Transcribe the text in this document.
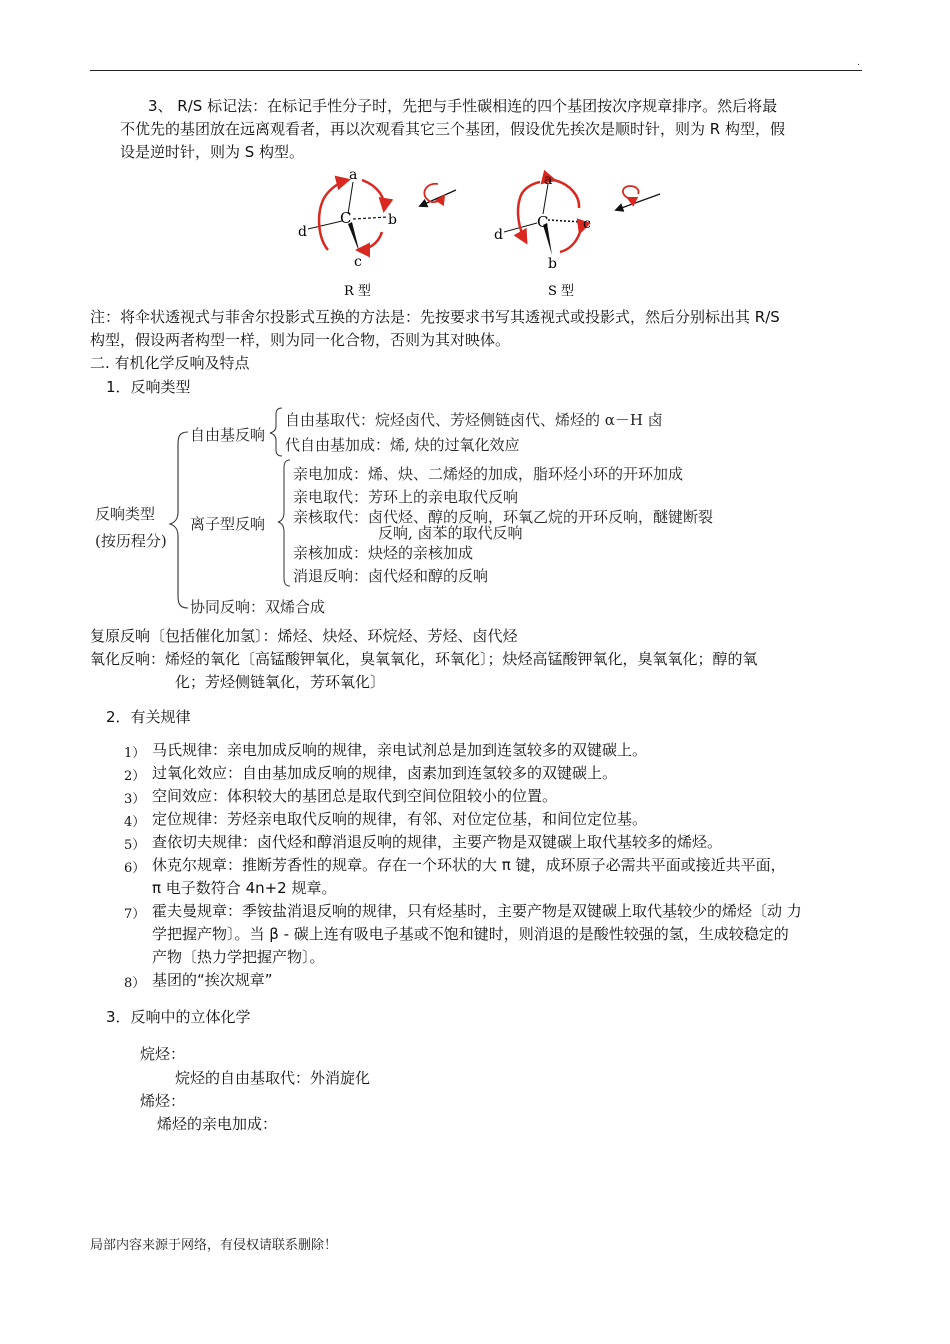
.
3、 R/S 标记法：在标记手性分子时，先把与手性碳相连的四个基团按次序规章排序。然后将最
不优先的基团放在远离观看者，再以次观看其它三个基团，假设优先挨次是顺时针，则为 R 构型，假
设是逆时针，则为 S 构型。
a
C	b
d
c
R 型
a
C c
d
b
S 型
注：将伞状透视式与菲舍尔投影式互换的方法是：先按要求书写其透视式或投影式，然后分别标出其 R/S
构型，假设两者构型一样，则为同一化合物，否则为其对映体。
二. 有机化学反响及特点
1．反响类型
反响类型
(按历程分)
自由基反响
自由基取代：烷烃卤代、芳烃侧链卤代、烯烃的 α－H 卤
代自由基加成：烯, 炔的过氧化效应
离子型反响
亲电加成：烯、炔、二烯烃的加成，脂环烃小环的开环加成
亲电取代：芳环上的亲电取代反响
亲核取代：卤代烃、醇的反响，环氧乙烷的开环反响，醚键断裂
反响, 卤苯的取代反响
亲核加成：炔烃的亲核加成
消退反响：卤代烃和醇的反响
协同反响：双烯合成
复原反响〔包括催化加氢〕：烯烃、炔烃、环烷烃、芳烃、卤代烃
氧化反响：烯烃的氧化〔高锰酸钾氧化，臭氧氧化，环氧化〕；炔烃高锰酸钾氧化，臭氧氧化；醇的氧
化；芳烃侧链氧化，芳环氧化〕
2．有关规律
1） 马氏规律：亲电加成反响的规律，亲电试剂总是加到连氢较多的双键碳上。
2） 过氧化效应：自由基加成反响的规律，卤素加到连氢较多的双键碳上。
3） 空间效应：体积较大的基团总是取代到空间位阻较小的位置。
4） 定位规律：芳烃亲电取代反响的规律，有邻、对位定位基，和间位定位基。
5） 查依切夫规律：卤代烃和醇消退反响的规律，主要产物是双键碳上取代基较多的烯烃。
6） 休克尔规章：推断芳香性的规章。存在一个环状的大 π 键，成环原子必需共平面或接近共平面，
π 电子数符合 4n+2 规章。
7） 霍夫曼规章：季铵盐消退反响的规律，只有烃基时，主要产物是双键碳上取代基较少的烯烃〔动 力
学把握产物〕。当 β - 碳上连有吸电子基或不饱和键时，则消退的是酸性较强的氢，生成较稳定的
产物〔热力学把握产物〕。
8） 基团的“挨次规章”
3．反响中的立体化学
烷烃：
烷烃的自由基取代：外消旋化
烯烃：
烯烃的亲电加成：
局部内容来源于网络，有侵权请联系删除！
